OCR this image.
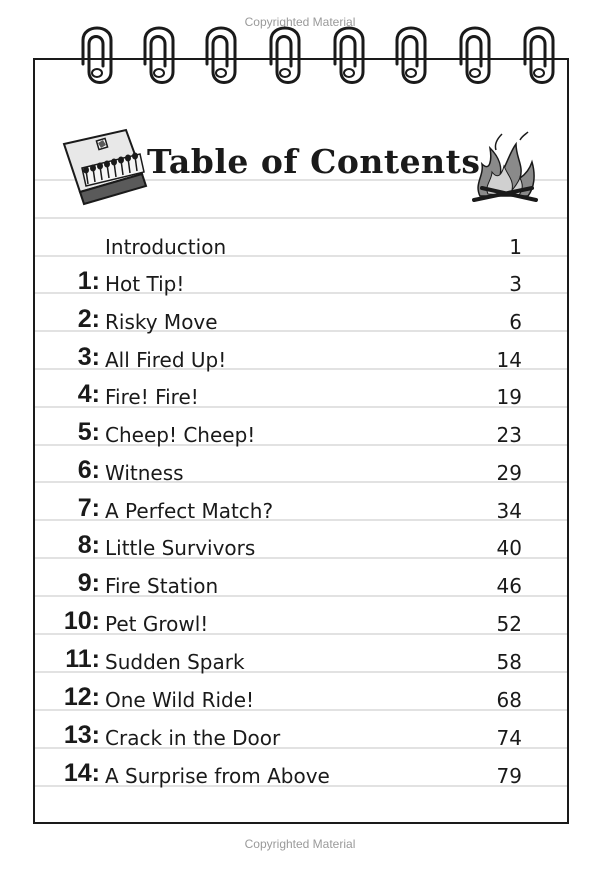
Copyrighted Material
Table of Contents
Introduction	1
1: Hot Tip!	3
2: Risky Move	6
3: All Fired Up!	14
4: Fire! Fire!	19
5: Cheep! Cheep!	23
6: Witness	29
7: A Perfect Match?	34
8: Little Survivors	40
9: Fire Station	46
10: Pet Growl!	52
11: Sudden Spark	58
12: One Wild Ride!	68
13: Crack in the Door	74
14: A Surprise from Above	79
Copyrighted Material
